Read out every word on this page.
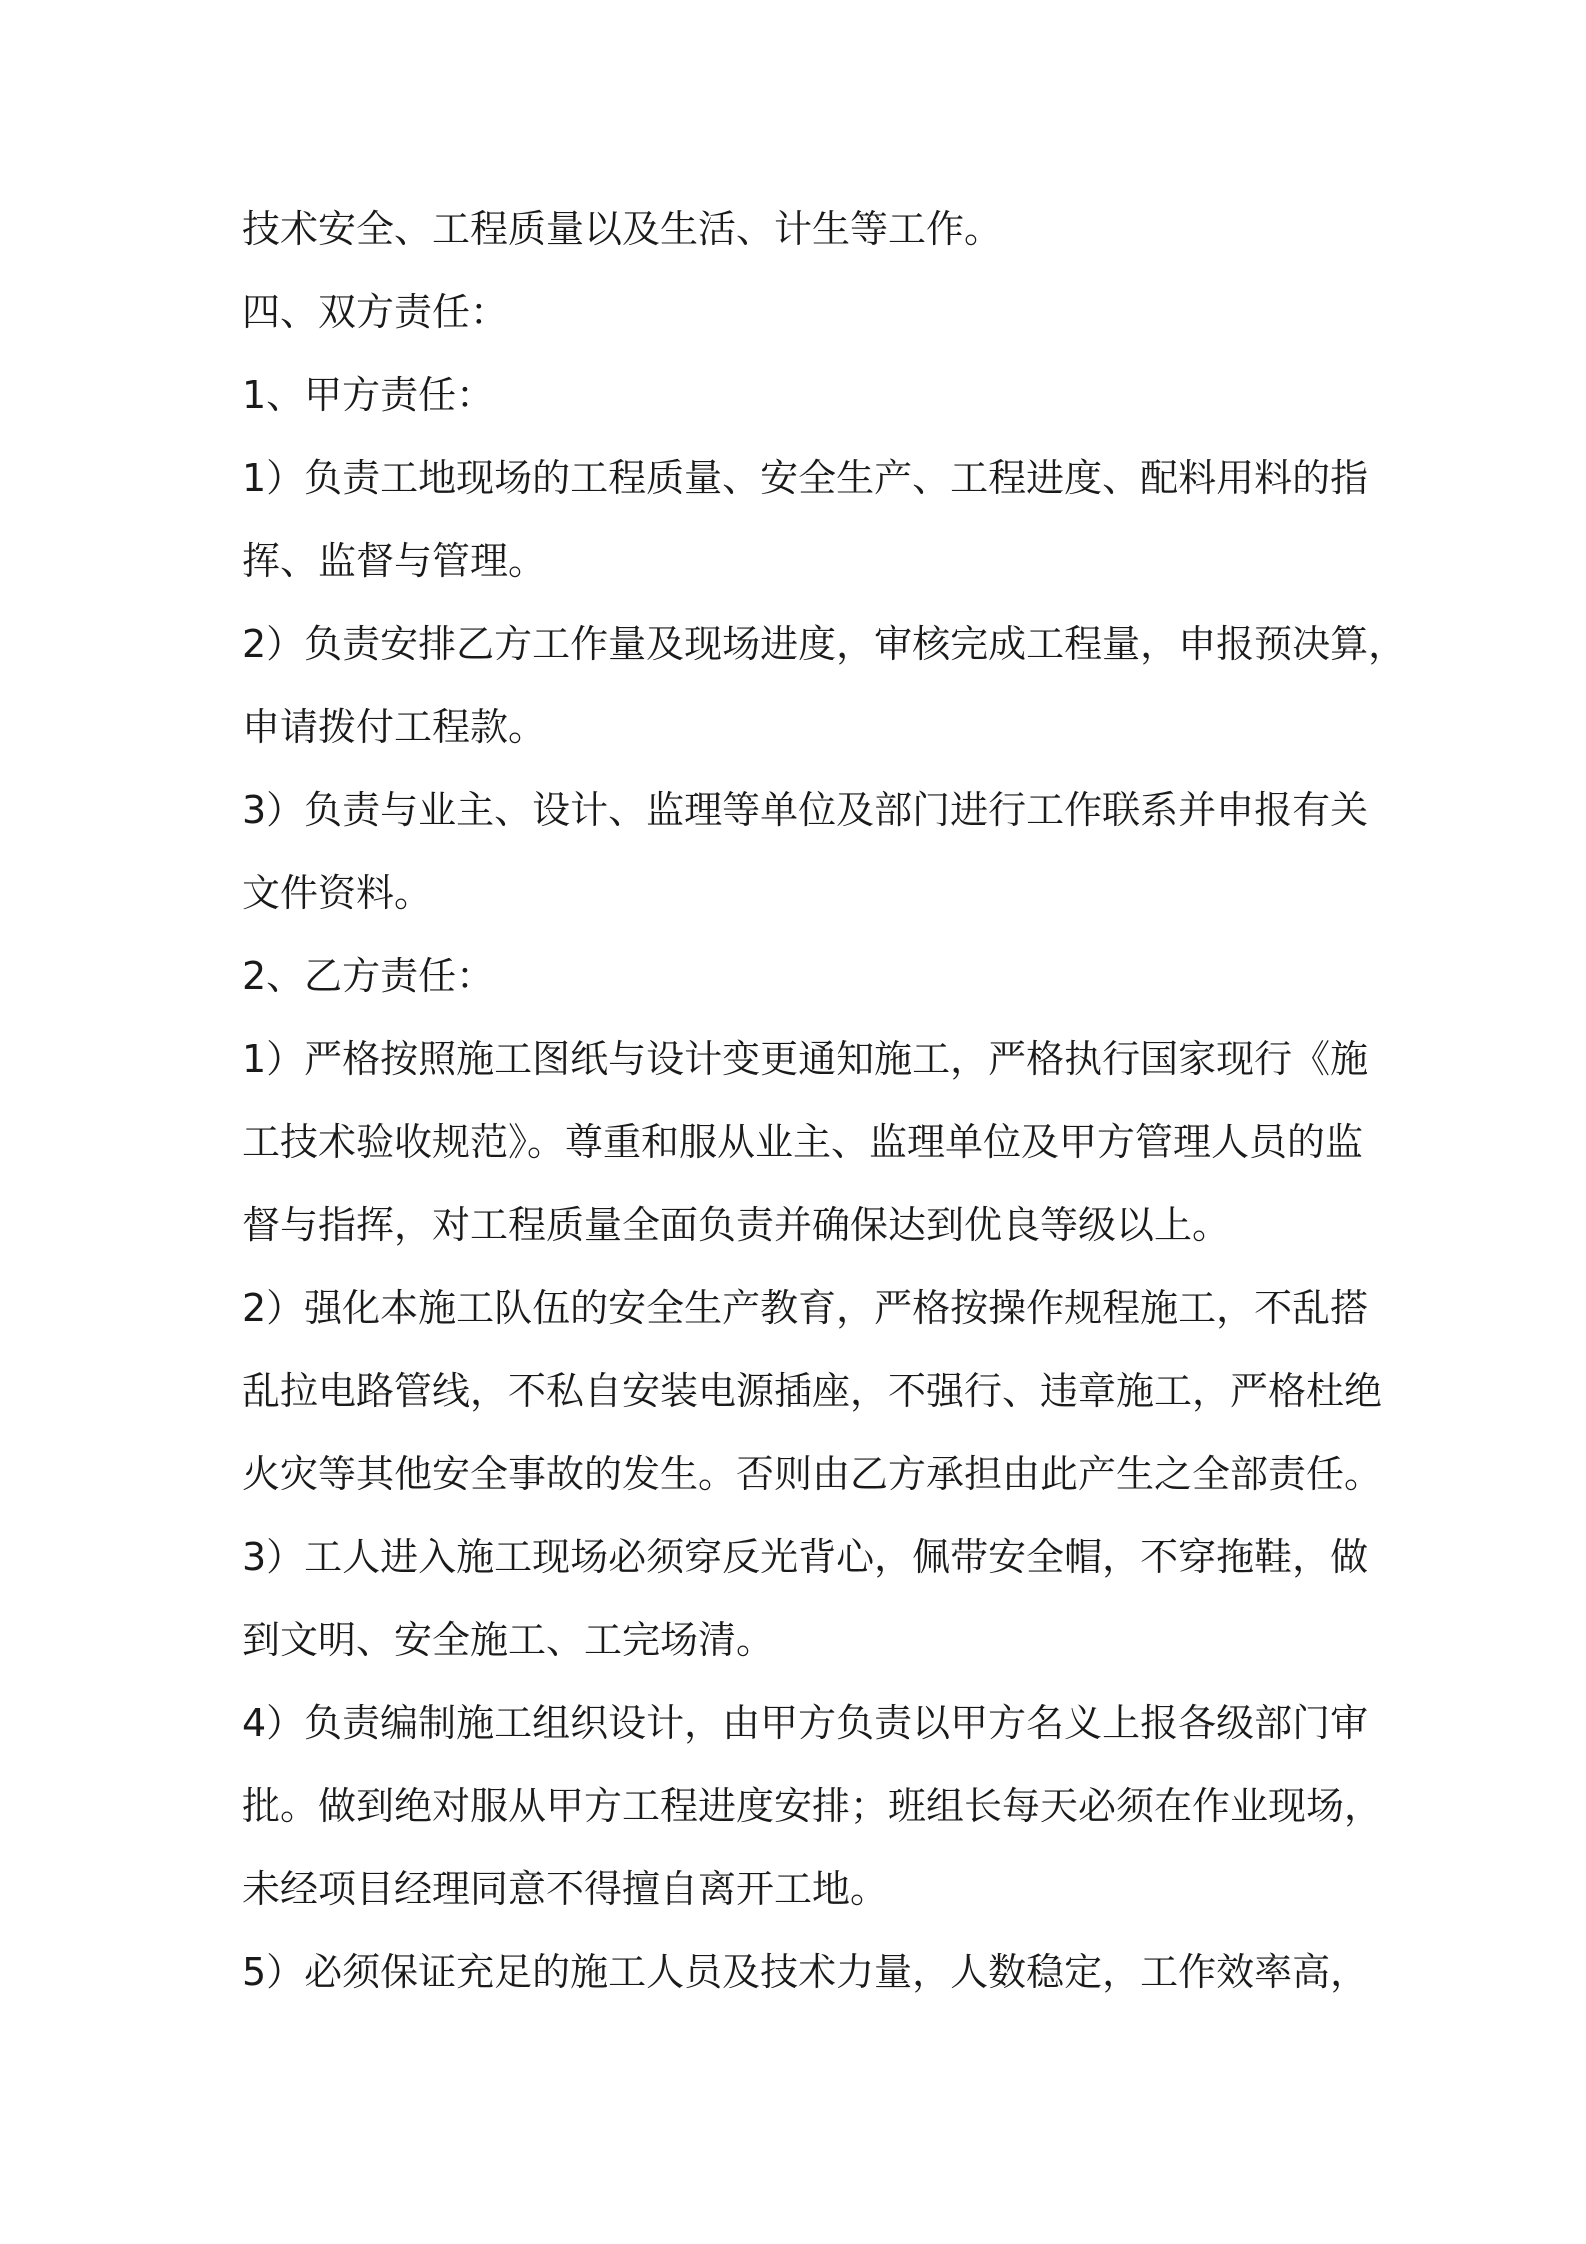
技术安全、工程质量以及生活、计生等工作。
四、双方责任：
1、甲方责任：
1）负责工地现场的工程质量、安全生产、工程进度、配料用料的指
挥、监督与管理。
2）负责安排乙方工作量及现场进度，审核完成工程量，申报预决算，
申请拨付工程款。
3）负责与业主、设计、监理等单位及部门进行工作联系并申报有关
文件资料。
2、乙方责任：
1）严格按照施工图纸与设计变更通知施工，严格执行国家现行《施
工技术验收规范》。尊重和服从业主、监理单位及甲方管理人员的监
督与指挥，对工程质量全面负责并确保达到优良等级以上。
2）强化本施工队伍的安全生产教育，严格按操作规程施工，不乱搭
乱拉电路管线，不私自安装电源插座，不强行、违章施工，严格杜绝
火灾等其他安全事故的发生。否则由乙方承担由此产生之全部责任。
3）工人进入施工现场必须穿反光背心，佩带安全帽，不穿拖鞋，做
到文明、安全施工、工完场清。
4）负责编制施工组织设计，由甲方负责以甲方名义上报各级部门审
批。做到绝对服从甲方工程进度安排；班组长每天必须在作业现场，
未经项目经理同意不得擅自离开工地。
5）必须保证充足的施工人员及技术力量，人数稳定，工作效率高，
